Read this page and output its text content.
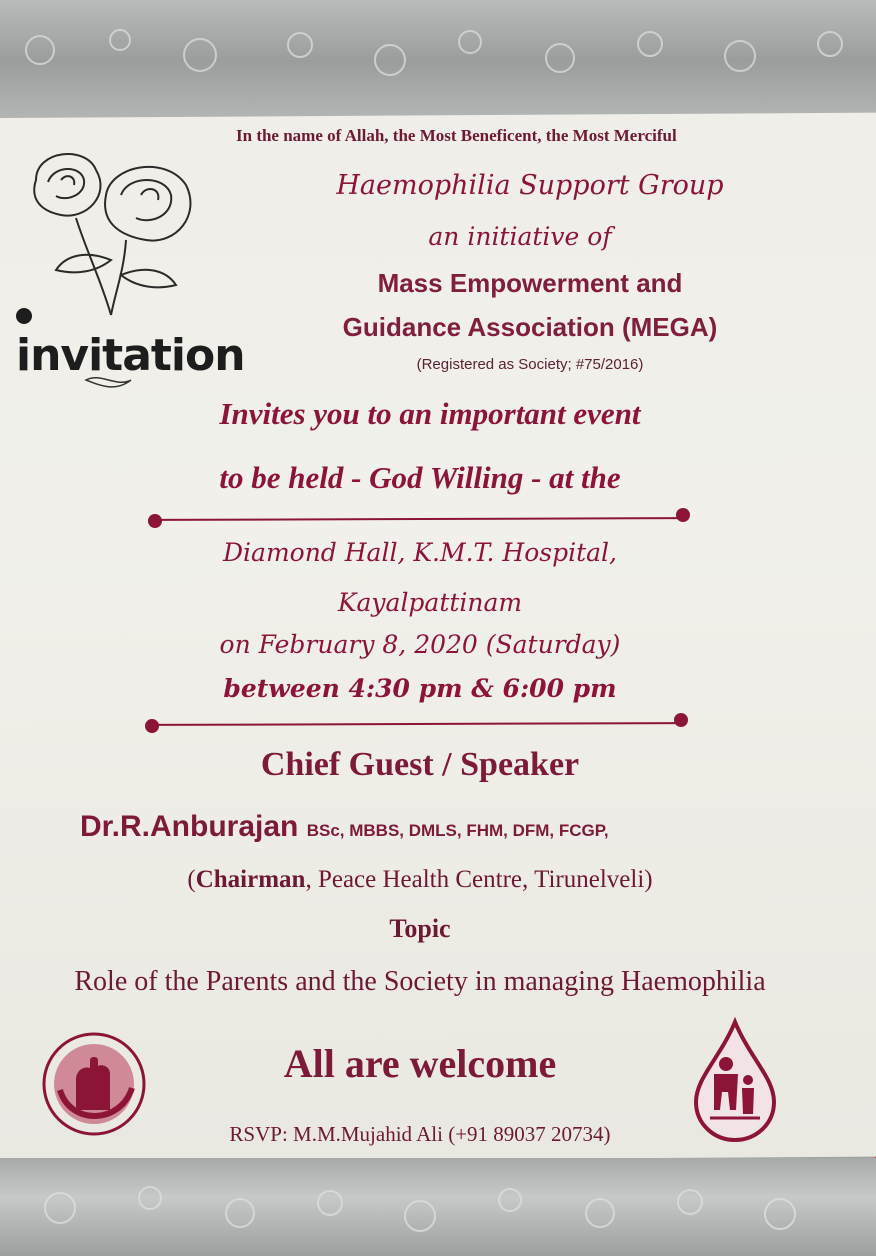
invitation
In the name of Allah, the Most Beneficent, the Most Merciful
Haemophilia Support Group
an initiative of
Mass Empowerment and
Guidance Association (MEGA)
(Registered as Society; #75/2016)
Invites you to an important event
to be held - God Willing - at the
Diamond Hall, K.M.T. Hospital,
Kayalpattinam
on February 8, 2020 (Saturday)
between 4:30 pm & 6:00 pm
Chief Guest / Speaker
Dr.R.Anburajan BSc, MBBS, DMLS, FHM, DFM, FCGP,
(Chairman, Peace Health Centre, Tirunelveli)
Topic
Role of the Parents and the Society in managing Haemophilia
All are welcome
RSVP: M.M.Mujahid Ali (+91 89037 20734)
